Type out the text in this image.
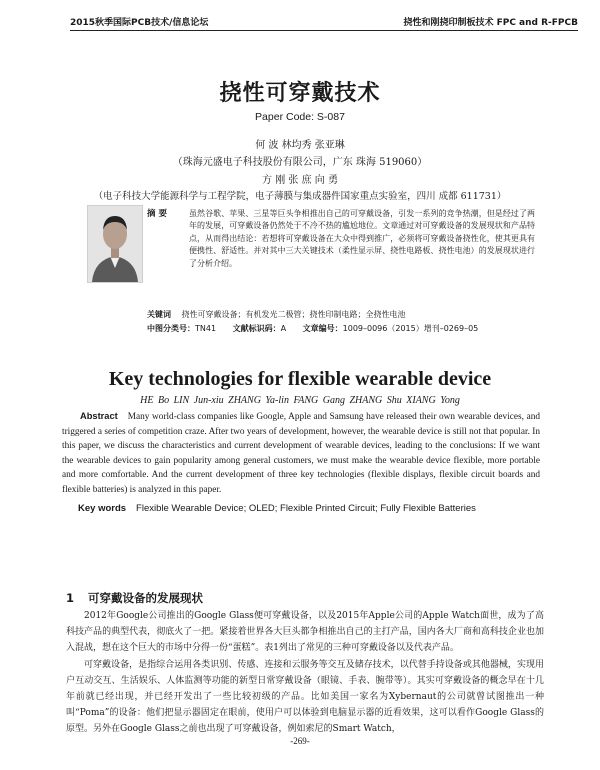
2015秋季国际PCB技术/信息论坛	挠性和刚挠印制板技术 FPC and R-FPCB
挠性可穿戴技术
Paper Code: S-087
何 波 林均秀 张亚琳
（珠海元盛电子科技股份有限公司，广东 珠海 519060）
方 刚 张 庶 向 勇
（电子科技大学能源科学与工程学院，电子薄膜与集成器件国家重点实验室，四川 成都 611731）
摘 要	虽然谷歌、苹果、三星等巨头争相推出自己的可穿戴设备，引发一系列的竞争热潮，但是经过了两年的发展，可穿戴设备仍然处于不冷不热的尴尬地位。文章通过对可穿戴设备的发展现状和产品特点，从而得出结论：若想将可穿戴设备在大众中得到推广，必须将可穿戴设备挠性化，使其更具有便携性、舒适性。并对其中三大关键技术（柔性显示屏、挠性电路板、挠性电池）的发展现状进行了分析介绍。
关键词 挠性可穿戴设备；有机发光二极管；挠性印制电路；全挠性电池
中图分类号：TN41 文献标识码：A 文章编号：1009–0096（2015）增刊–0269–05
Key technologies for flexible wearable device
HE Bo LIN Jun-xiu ZHANG Ya-lin FANG Gang ZHANG Shu XIANG Yong
Abstract Many world-class companies like Google, Apple and Samsung have released their own wearable devices, and triggered a series of competition craze. After two years of development, however, the wearable device is still not that popular. In this paper, we discuss the characteristics and current development of wearable devices, leading to the conclusions: If we want the wearable devices to gain popularity among general customers, we must make the wearable device flexible, more portable and more comfortable. And the current development of three key technologies (flexible displays, flexible circuit boards and flexible batteries) is analyzed in this paper.
Key words Flexible Wearable Device; OLED; Flexible Printed Circuit; Fully Flexible Batteries
1 可穿戴设备的发展现状

2012年Google公司推出的Google Glass便可穿戴设备，以及2015年Apple公司的Apple Watch面世，成为了高科技产品的典型代表，彻底火了一把。紧接着世界各大巨头都争相推出自己的主打产品，国内各大厂商和高科技企业也加入混战，想在这个巨大的市场中分得一份“蛋糕”。表1列出了常见的三种可穿戴设备以及代表产品。

可穿戴设备，是指综合运用各类识别、传感、连接和云服务等交互及储存技术，以代替手持设备或其他器械，实现用户互动交互、生活娱乐、人体监测等功能的新型日常穿戴设备（眼镜、手表、腕带等）。其实可穿戴设备的概念早在十几年前就已经出现，并已经开发出了一些比较初级的产品。比如美国一家名为Xybernaut的公司就曾试图推出一种叫“Poma”的设备：他们把显示器固定在眼前，使用户可以体验到电脑显示器的近看效果，这可以看作Google Glass的原型。另外在Google Glass之前也出现了可穿戴设备，例如索尼的Smart Watch，

-269-
